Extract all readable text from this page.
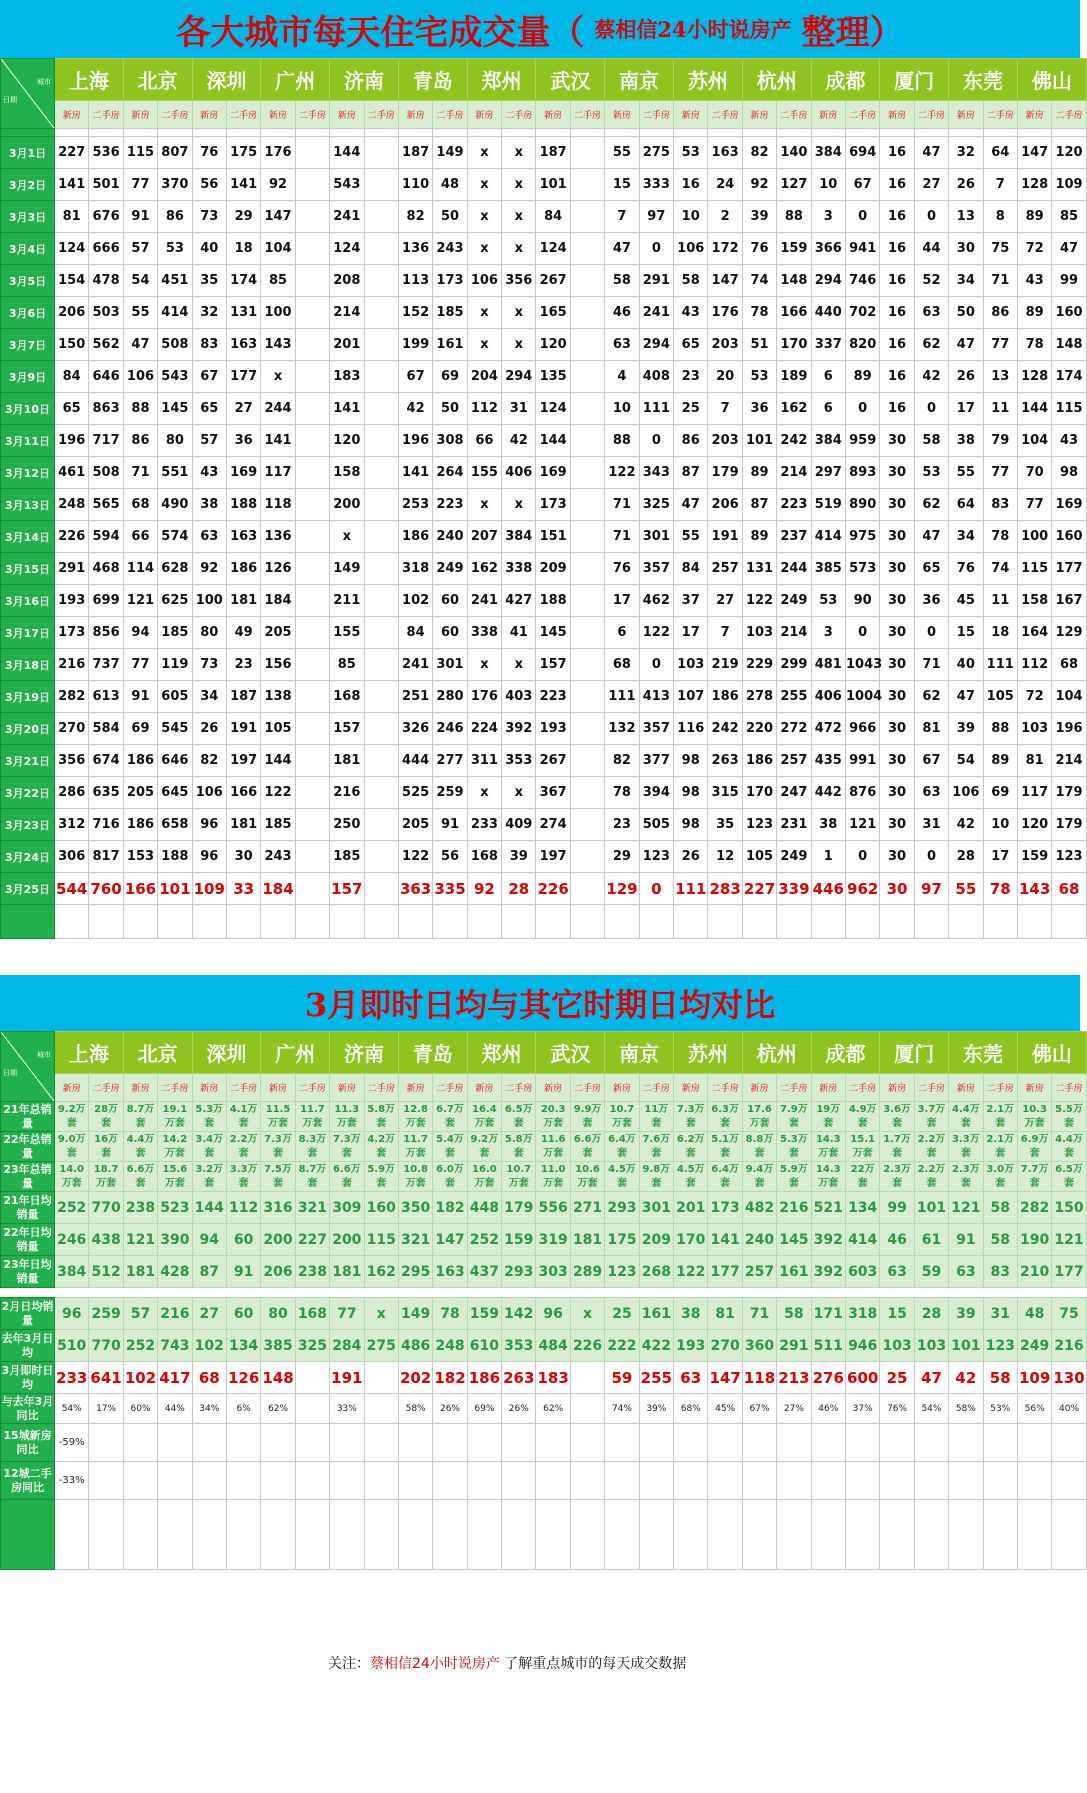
各大城市每天住宅成交量（ 蔡相信24小时说房产 整理）
城市
日期	上海		北京		深圳		广州		济南		青岛		郑州		武汉		南京		苏州		杭州		成都		厦门		东莞		佛山	
	新房	二手房	新房	二手房	新房	二手房	新房	二手房	新房	二手房	新房	二手房	新房	二手房	新房	二手房	新房	二手房	新房	二手房	新房	二手房	新房	二手房	新房	二手房	新房	二手房	新房	二手房

3月1日	227	536	115	807	76	175	176		144		187	149	x	x	187		55	275	53	163	82	140	384	694	16	47	32	64	147	120
3月2日	141	501	77	370	56	141	92		543		110	48	x	x	101		15	333	16	24	92	127	10	67	16	27	26	7	128	109
3月3日	81	676	91	86	73	29	147		241		82	50	x	x	84		7	97	10	2	39	88	3	0	16	0	13	8	89	85
3月4日	124	666	57	53	40	18	104		124		136	243	x	x	124		47	0	106	172	76	159	366	941	16	44	30	75	72	47
3月5日	154	478	54	451	35	174	85		208		113	173	106	356	267		58	291	58	147	74	148	294	746	16	52	34	71	43	99
3月6日	206	503	55	414	32	131	100		214		152	185	x	x	165		46	241	43	176	78	166	440	702	16	63	50	86	89	160
3月7日	150	562	47	508	83	163	143		201		199	161	x	x	120		63	294	65	203	51	170	337	820	16	62	47	77	78	148
3月9日	84	646	106	543	67	177	x		183		67	69	204	294	135		4	408	23	20	53	189	6	89	16	42	26	13	128	174
3月10日	65	863	88	145	65	27	244		141		42	50	112	31	124		10	111	25	7	36	162	6	0	16	0	17	11	144	115
3月11日	196	717	86	80	57	36	141		120		196	308	66	42	144		88	0	86	203	101	242	384	959	30	58	38	79	104	43
3月12日	461	508	71	551	43	169	117		158		141	264	155	406	169		122	343	87	179	89	214	297	893	30	53	55	77	70	98
3月13日	248	565	68	490	38	188	118		200		253	223	x	x	173		71	325	47	206	87	223	519	890	30	62	64	83	77	169
3月14日	226	594	66	574	63	163	136		x		186	240	207	384	151		71	301	55	191	89	237	414	975	30	47	34	78	100	160
3月15日	291	468	114	628	92	186	126		149		318	249	162	338	209		76	357	84	257	131	244	385	573	30	65	76	74	115	177
3月16日	193	699	121	625	100	181	184		211		102	60	241	427	188		17	462	37	27	122	249	53	90	30	36	45	11	158	167
3月17日	173	856	94	185	80	49	205		155		84	60	338	41	145		6	122	17	7	103	214	3	0	30	0	15	18	164	129
3月18日	216	737	77	119	73	23	156		85		241	301	x	x	157		68	0	103	219	229	299	481	1043	30	71	40	111	112	68
3月19日	282	613	91	605	34	187	138		168		251	280	176	403	223		111	413	107	186	278	255	406	1004	30	62	47	105	72	104
3月20日	270	584	69	545	26	191	105		157		326	246	224	392	193		132	357	116	242	220	272	472	966	30	81	39	88	103	196
3月21日	356	674	186	646	82	197	144		181		444	277	311	353	267		82	377	98	263	186	257	435	991	30	67	54	89	81	214
3月22日	286	635	205	645	106	166	122		216		525	259	x	x	367		78	394	98	315	170	247	442	876	30	63	106	69	117	179
3月23日	312	716	186	658	96	181	185		250		205	91	233	409	274		23	505	98	35	123	231	38	121	30	31	42	10	120	179
3月24日	306	817	153	188	96	30	243		185		122	56	168	39	197		29	123	26	12	105	249	1	0	30	0	28	17	159	123
3月25日	544	760	166	101	109	33	184		157		363	335	92	28	226		129	0	111	283	227	339	446	962	30	97	55	78	143	68

3月即时日均与其它时期日均对比
城市
日期	上海		北京		深圳		广州		济南		青岛		郑州		武汉		南京		苏州		杭州		成都		厦门		东莞		佛山	
	新房	二手房	新房	二手房	新房	二手房	新房	二手房	新房	二手房	新房	二手房	新房	二手房	新房	二手房	新房	二手房	新房	二手房	新房	二手房	新房	二手房	新房	二手房	新房	二手房	新房	二手房
21年总销量	9.2万套	28万套	8.7万套	19.1万套	5.3万套	4.1万套	11.5万套	11.7万套	11.3万套	5.8万套	12.8万套	6.7万套	16.4万套	6.5万套	20.3万套	9.9万套	10.7万套	11万套	7.3万套	6.3万套	17.6万套	7.9万套	19万套	4.9万套	3.6万套	3.7万套	4.4万套	2.1万套	10.3万套	5.5万套
22年总销量	9.0万套	16万套	4.4万套	14.2万套	3.4万套	2.2万套	7.3万套	8.3万套	7.3万套	4.2万套	11.7万套	5.4万套	9.2万套	5.8万套	11.6万套	6.6万套	6.4万套	7.6万套	6.2万套	5.1万套	8.8万套	5.3万套	14.3万套	15.1万套	1.7万套	2.2万套	3.3万套	2.1万套	6.9万套	4.4万套
23年总销量	14.0万套	18.7万套	6.6万套	15.6万套	3.2万套	3.3万套	7.5万套	8.7万套	6.6万套	5.9万套	10.8万套	6.0万套	16.0万套	10.7万套	11.0万套	10.6万套	4.5万套	9.8万套	4.5万套	6.4万套	9.4万套	5.9万套	14.3万套	22万套	2.3万套	2.2万套	2.3万套	3.0万套	7.7万套	6.5万套
21年日均销量	252	770	238	523	144	112	316	321	309	160	350	182	448	179	556	271	293	301	201	173	482	216	521	134	99	101	121	58	282	150
22年日均销量	246	438	121	390	94	60	200	227	200	115	321	147	252	159	319	181	175	209	170	141	240	145	392	414	46	61	91	58	190	121
23年日均销量	384	512	181	428	87	91	206	238	181	162	295	163	437	293	303	289	123	268	122	177	257	161	392	603	63	59	63	83	210	177

2月日均销量	96	259	57	216	27	60	80	168	77	x	149	78	159	142	96	x	25	161	38	81	71	58	171	318	15	28	39	31	48	75
去年3月日均	510	770	252	743	102	134	385	325	284	275	486	248	610	353	484	226	222	422	193	270	360	291	511	946	103	103	101	123	249	216
3月即时日均	233	641	102	417	68	126	148		191		202	182	186	263	183		59	255	63	147	118	213	276	600	25	47	42	58	109	130
与去年3月同比	54%	17%	60%	44%	34%	6%	62%		33%		58%	26%	69%	26%	62%		74%	39%	68%	45%	67%	27%	46%	37%	76%	54%	58%	53%	56%	40%
15城新房同比	-59%																													
12城二手房同比	-33%																													

关注：蔡相信24小时说房产 了解重点城市的每天成交数据
